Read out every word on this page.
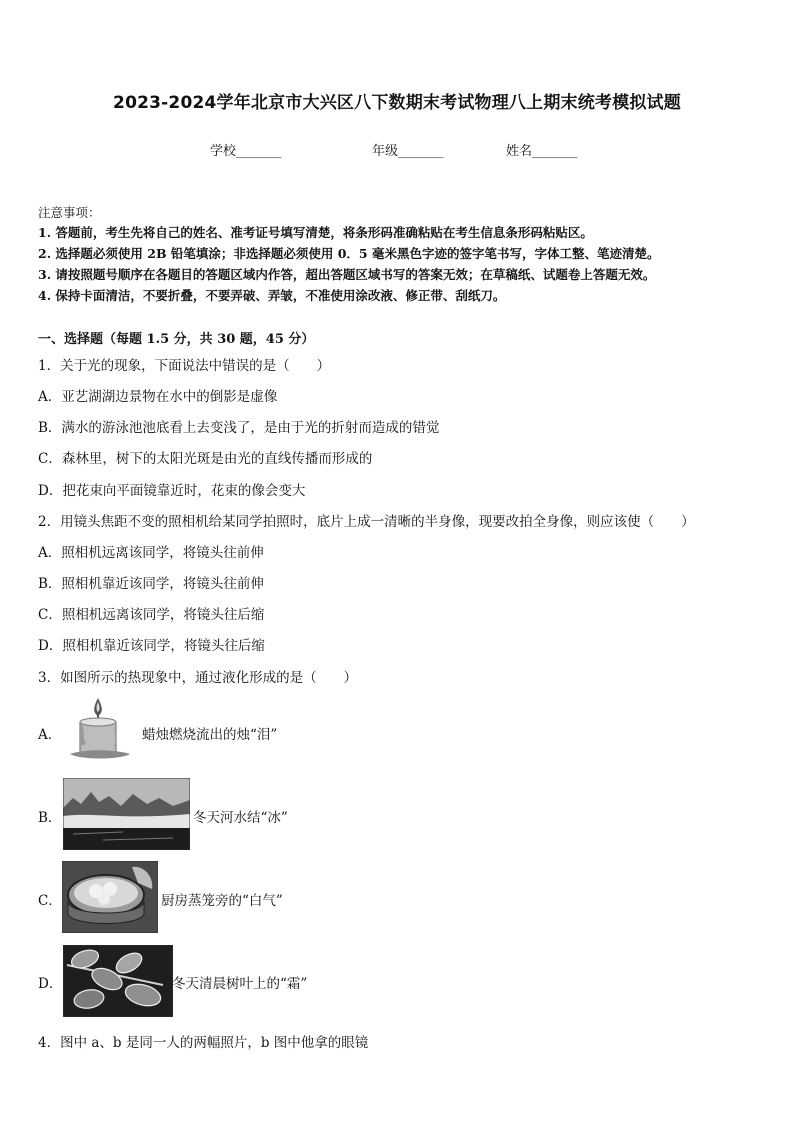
2023-2024学年北京市大兴区八下数期末考试物理八上期末统考模拟试题
学校_______	年级_______	姓名_______
注意事项：
1. 答题前，考生先将自己的姓名、准考证号填写清楚，将条形码准确粘贴在考生信息条形码粘贴区。
2. 选择题必须使用 2B 铅笔填涂；非选择题必须使用 0．5 毫米黑色字迹的签字笔书写，字体工整、笔迹清楚。
3. 请按照题号顺序在各题目的答题区域内作答，超出答题区域书写的答案无效；在草稿纸、试题卷上答题无效。
4. 保持卡面清洁，不要折叠，不要弄破、弄皱，不准使用涂改液、修正带、刮纸刀。
一、选择题（每题 1.5 分，共 30 题，45 分）
1．关于光的现象，下面说法中错误的是（　　）
A．亚艺湖湖边景物在水中的倒影是虚像
B．满水的游泳池池底看上去变浅了，是由于光的折射而造成的错觉
C．森林里，树下的太阳光斑是由光的直线传播而形成的
D．把花束向平面镜靠近时，花束的像会变大
2．用镜头焦距不变的照相机给某同学拍照时，底片上成一清晰的半身像，现要改拍全身像，则应该使（　　）
A．照相机远离该同学，将镜头往前伸
B．照相机靠近该同学，将镜头往前伸
C．照相机远离该同学，将镜头往后缩
D．照相机靠近该同学，将镜头往后缩
3．如图所示的热现象中，通过液化形成的是（　　）
A．	蜡烛燃烧流出的烛“泪”
B．	冬天河水结“冰”
C．	厨房蒸笼旁的“白气”
D．	冬天清晨树叶上的“霜”
4．图中 a、b 是同一人的两幅照片，b 图中他拿的眼镜
